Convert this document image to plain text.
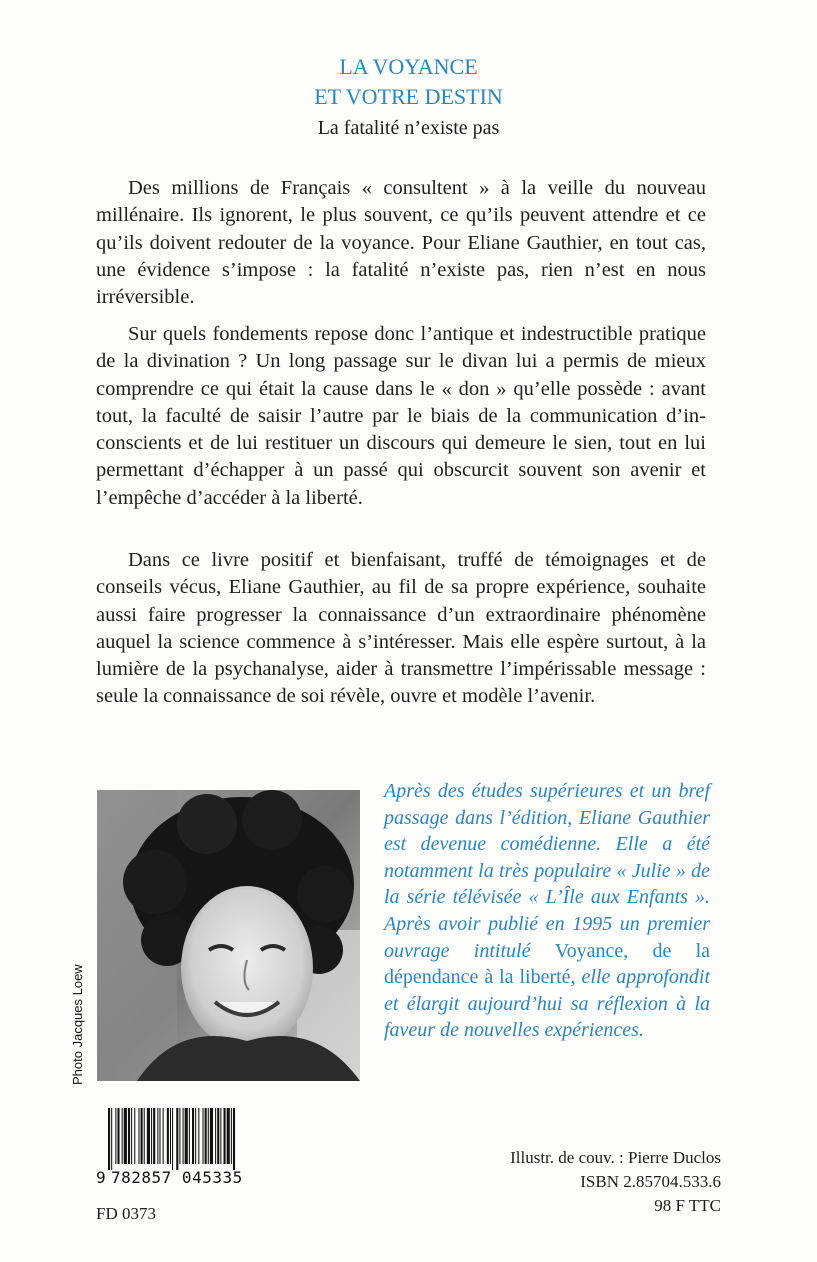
LA VOYANCE
ET VOTRE DESTIN
La fatalité n’existe pas

Des millions de Français « consultent » à la veille du nouveau millénaire. Ils ignorent, le plus souvent, ce qu’ils peuvent attendre et ce qu’ils doivent redouter de la voyance. Pour Eliane Gauthier, en tout cas, une évidence s’impose : la fatalité n’existe pas, rien n’est en nous irréversible.

Sur quels fondements repose donc l’antique et indestructible pratique de la divination ? Un long passage sur le divan lui a permis de mieux comprendre ce qui était la cause dans le « don » qu’elle possède : avant tout, la faculté de saisir l’autre par le biais de la communication d’inconscients et de lui restituer un discours qui demeure le sien, tout en lui permettant d’échapper à un passé qui obscurcit souvent son avenir et l’empêche d’accéder à la liberté.

Dans ce livre positif et bienfaisant, truffé de témoignages et de conseils vécus, Eliane Gauthier, au fil de sa propre expérience, souhaite aussi faire progresser la connaissance d’un extraordinaire phénomène auquel la science commence à s’intéresser. Mais elle espère surtout, à la lumière de la psychanalyse, aider à transmettre l’impérissable message : seule la connaissance de soi révèle, ouvre et modèle l’avenir.

Photo Jacques Loew

Après des études supérieures et un bref passage dans l’édition, Eliane Gauthier est devenue comédienne. Elle a été notamment la très populaire « Julie » de la série télévisée « L’Île aux Enfants ». Après avoir publié en 1995 un premier ouvrage intitulé Voyance, de la dépendance à la liberté, elle approfondit et élargit aujourd’hui sa réflexion à la faveur de nouvelles expériences.

9 782857 045335
FD 0373
Illustr. de couv. : Pierre Duclos
ISBN 2.85704.533.6
98 F TTC
